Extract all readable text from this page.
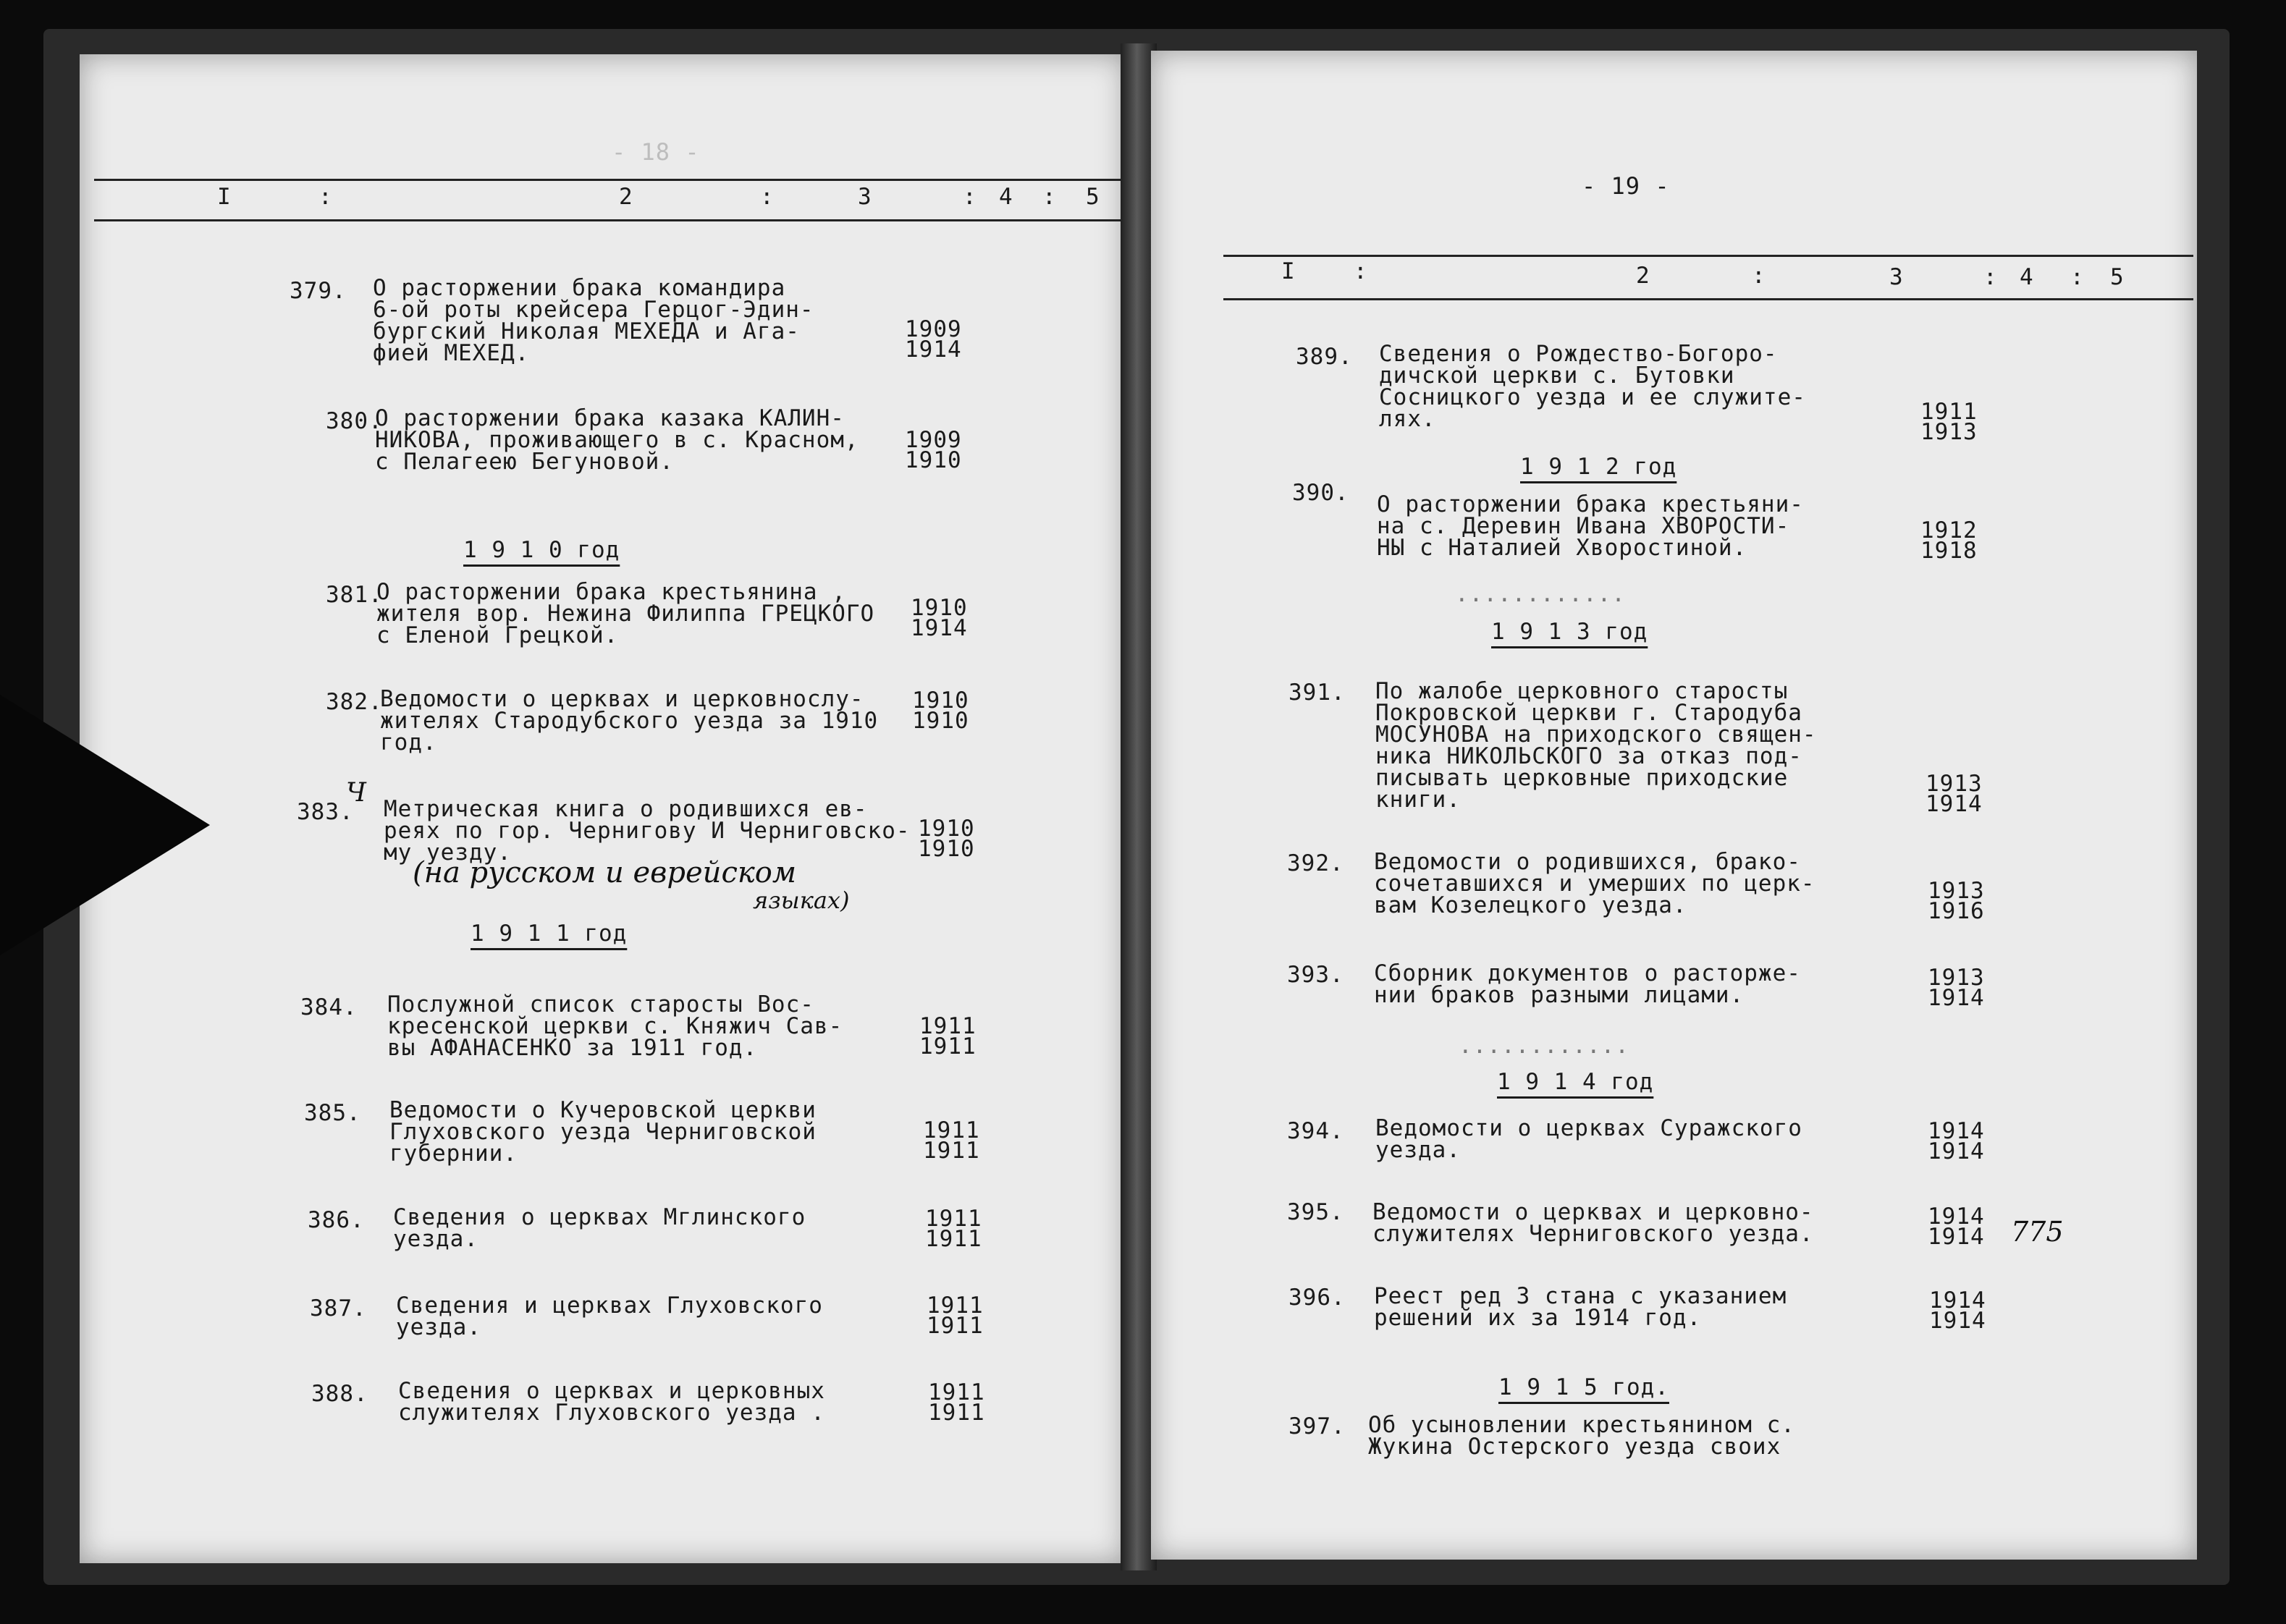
- 18 -
I	:	2	:	3	: 4 : 5
379. О расторжении брака командира
6-ой роты крейсера Герцог-Эдин-
бургский Николая МЕХЕДА и Ага-
фией МЕХЕД.
1909
1914
380.
О расторжении брака казака КАЛИН-
НИКОВА, проживающего в с. Красном,
с Пелагеею Бегуновой.
1909
1910
1 9 1 0 год
381.
О расторжении брака крестьянина ,
жителя вор. Нежина Филиппа ГРЕЦКОГО
с Еленой Грецкой.
1910
1914
382.
Ведомости о церквах и церковнослу-
жителях Стародубского уезда за 1910
год.
1910
1910
383.
Ч
Метрическая книга о родившихся ев-
реях по гор. Чернигову И Черниговско-
му уезду.
1910
1910
(на русском и еврейском
языках)
1 9 1 1 год
384. Послужной список старосты Вос-
кресенской церкви с. Княжич Сав-
вы АФАНАСЕНКО за 1911 год.
1911
1911
385. Ведомости о Кучеровской церкви
Глуховского уезда Черниговской
губернии.
1911
1911
386. Сведения о церквах Мглинского
уезда.
1911
1911
387. Сведения и церквах Глуховского
уезда.
1911
1911
388. Сведения о церквах и церковных
служителях Глуховского уезда .
1911
1911
- 19 -
I	:	2	:	3	: 4 : 5
389. Сведения о Рождество-Богоро-
дичской церкви с. Бутовки
Сосницкого уезда и ее служите-
лях.	1911
1913
1 9 1 2 год
390. О расторжении брака крестьяни-
на с. Деревин Ивана ХВОРОСТИ-
НЫ с Наталией Хворостиной.
1912
1918
............
1 9 1 3 год
391. По жалобе церковного старосты
Покровской церкви г. Стародуба
МОСУНОВА на приходского священ-
ника НИКОЛЬСКОГО за отказ под-
писывать церковные приходские
книги.
1913
1914
392. Ведомости о родившихся, брако-
сочетавшихся и умерших по церк-
вам Козелецкого уезда.
1913
1916
393. Сборник документов о расторже-
нии браков разными лицами.
1913
1914
............
1 9 1 4 год
394. Ведомости о церквах Суражского
уезда.
1914
1914
395. Ведомости о церквах и церковно-
служителях Черниговского уезда.
1914
1914 775
396. Реест ред 3 стана с указанием
решений их за 1914 год.
1914
1914
1 9 1 5 год.
397. Об усыновлении крестьянином с.
Жукина Остерского уезда своих
